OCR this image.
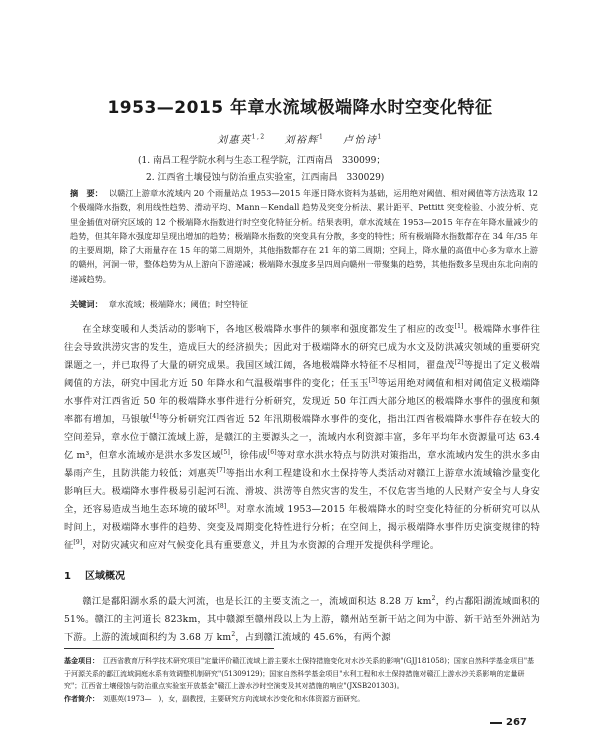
1953—2015 年章水流域极端降水时空变化特征
刘惠英$^{1,2}$ 刘裕辉$^1$ 卢怡诗$^1$
(1. 南昌工程学院水利与生态工程学院，江西南昌　330099；
2. 江西省土壤侵蚀与防治重点实验室，江西南昌　330029)
摘　要： 以赣江上游章水流域内 20 个雨量站点 1953—2015 年逐日降水资料为基础，运用绝对阈值、相对阈值等方法选取 12 个极端降水指数，利用线性趋势、滑动平均、Mann－Kendall 趋势及突变分析法、累计距平、Pettitt 突变检验、小波分析、克里金插值对研究区域的 12 个极端降水指数进行时空变化特征分析。结果表明，章水流域在 1953—2015 年存在年降水量减少的趋势，但其年降水强度却呈现出增加的趋势；极端降水指数的突变具有分散，多变的特性；所有极端降水指数都存在 34 年/35 年的主要周期，除了大雨量存在 15 年的第二周期外，其他指数都存在 21 年的第二周期；空间上，降水量的高值中心多为章水上游的赣州，河洞一带，整体趋势为从上游向下游递减；极端降水强度多呈四周向赣州一带聚集的趋势，其他指数多呈现由东北向南的递减趋势。
关键词： 章水流域；极端降水；阈值；时空特征
在全球变暖和人类活动的影响下，各地区极端降水事件的频率和强度都发生了相应的改变[1]。极端降水事件往往会导致洪涝灾害的发生，造成巨大的经济损失；因此对于极端降水的研究已成为水文及防洪减灾领域的重要研究课题之一，并已取得了大量的研究成果。我国区域江阔，各地极端降水特征不尽相同，翟盘茂[2]等提出了定义极端阈值的方法，研究中国北方近 50 年降水和气温极端事件的变化；任玉玉[3]等运用绝对阈值和相对阈值定义极端降水事件对江西省近 50 年的极端降水事件进行分析研究，发现近 50 年江西大部分地区的极端降水事件的强度和频率都有增加，马银敏[4]等分析研究江西省近 52 年汛期极端降水事件的变化，指出江西省极端降水事件存在较大的空间差异，章水位于赣江流域上游，是赣江的主要源头之一，流域内水利资源丰富，多年平均年水资源量可达 63.4 亿 m³，但章水流域亦是洪水多发区域[5]，徐伟成[6]等对章水洪水特点与防洪对策指出，章水流域内发生的洪水多由暴雨产生，且防洪能力较低；刘惠英[7]等指出水利工程建设和水土保持等人类活动对赣江上游章水流域输沙量变化影响巨大。极端降水事件极易引起河石流、滑坡、洪涝等自然灾害的发生，不仅危害当地的人民财产安全与人身安全，还容易造成当地生态环境的破坏[8]。对章水流域 1953—2015 年极端降水的时空变化特征的分析研究可以从时间上，对极端降水事件的趋势、突变及周期变化特性进行分析；在空间上，揭示极端降水事件历史演变规律的特征[9]，对防灾减灾和应对气候变化具有重要意义，并且为水资源的合理开发提供科学理论。
1 区域概况
赣江是鄱阳湖水系的最大河流，也是长江的主要支流之一，流域面积达 8.28 万 $km^2$，约占鄱阳湖流域面积的 51%。赣江的主河道长 823km，其中赣源至赣州段以上为上游，赣州站至新干站之间为中游、新干站至外洲站为下游。上游的流域面积约为 3.68 万 $km^2$，占到赣江流域的 45.6%，有两个源
基金项目： 江西省教育厅科学技术研究项目"定量评价赣江流域上游主要水土保持措施变化对水沙关系的影响"(GJJ181058)；国家自然科学基金项目"基于河源关系的鄱江流域洞庭水系有效调整机制研究"(51309129)；国家自然科学基金项目"水利工程和水土保持措施对赣江上游水沙关系影响的定量研究"；江西省土壤侵蚀与防治重点实验室开放基金"赣江上游水沙时空演变及其对措施的响应"(JXSB201303)。
作者简介： 刘惠英(1973—　)，女，副教授，主要研究方向流域水沙变化和水体资源方面研究。
267
